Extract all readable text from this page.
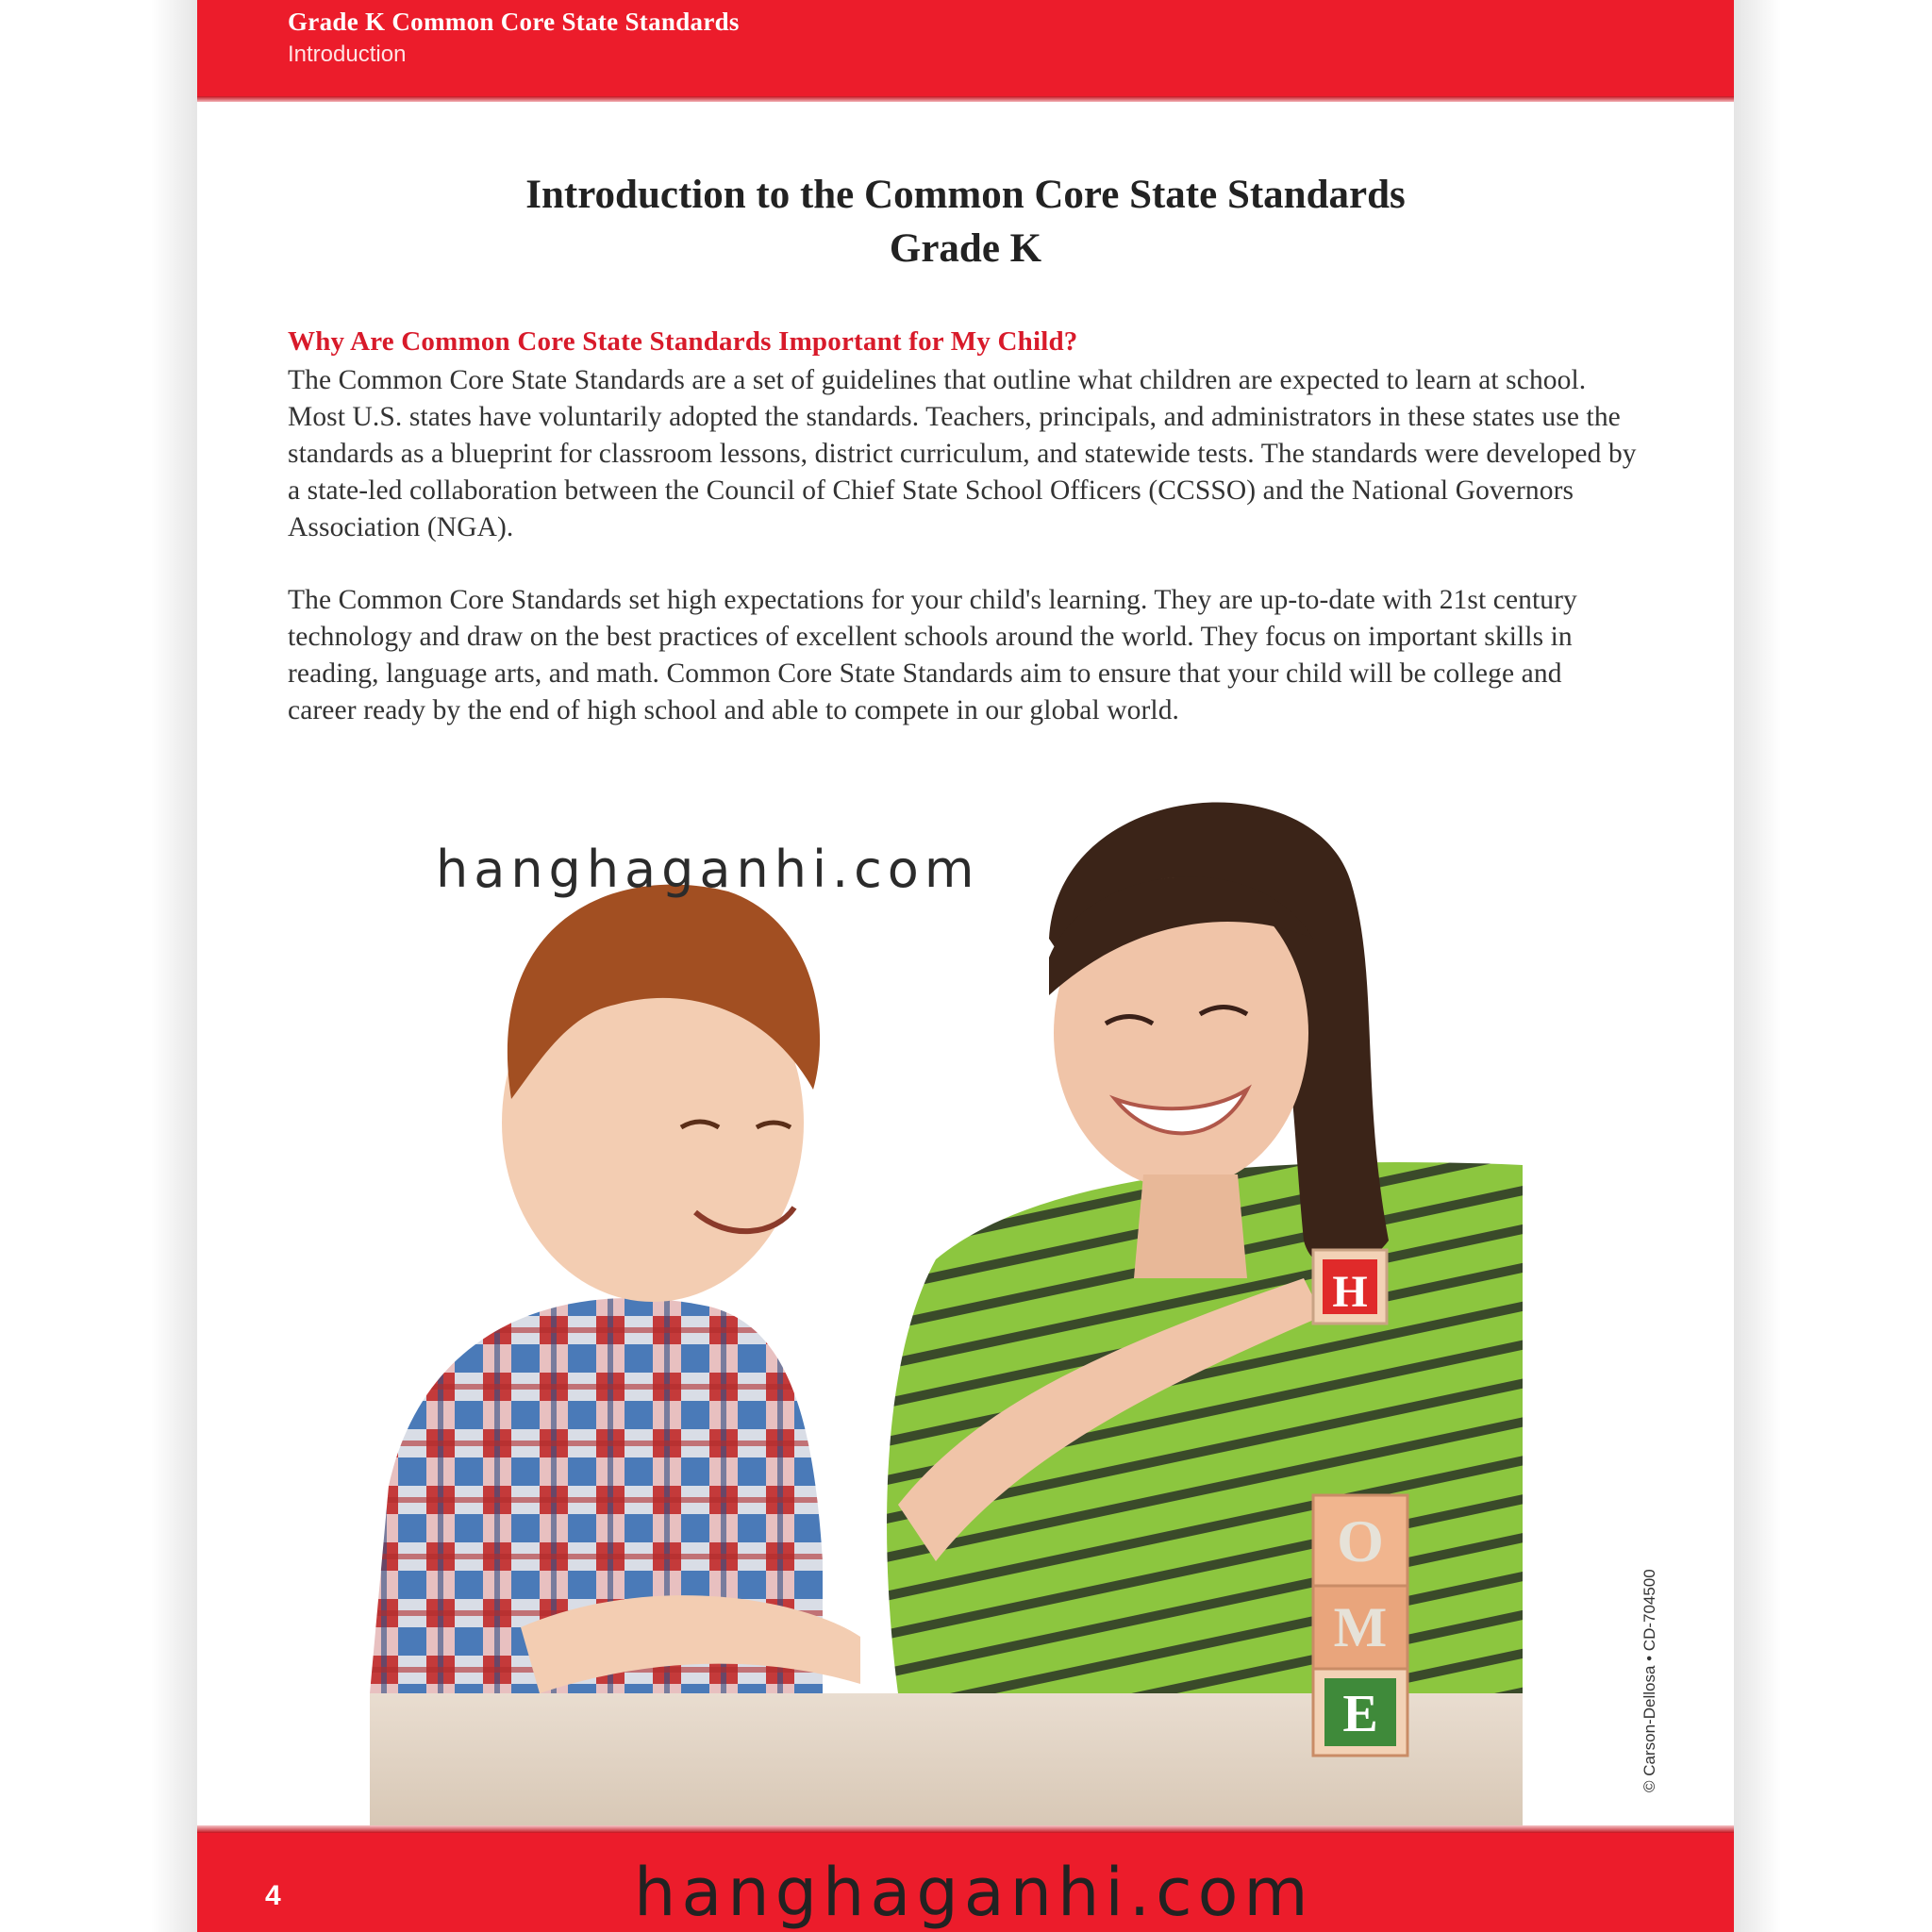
Grade K Common Core State Standards
Introduction
Introduction to the Common Core State Standards
Grade K
Why Are Common Core State Standards Important for My Child?
The Common Core State Standards are a set of guidelines that outline what children are expected to learn at school. Most U.S. states have voluntarily adopted the standards. Teachers, principals, and administrators in these states use the standards as a blueprint for classroom lessons, district curriculum, and statewide tests. The standards were developed by a state-led collaboration between the Council of Chief State School Officers (CCSSO) and the National Governors Association (NGA).
The Common Core Standards set high expectations for your child's learning. They are up-to-date with 21st century technology and draw on the best practices of excellent schools around the world. They focus on important skills in reading, language arts, and math. Common Core State Standards aim to ensure that your child will be college and career ready by the end of high school and able to compete in our global world.
H
O
M
E	© Carson-Dellosa • CD-704500
4
hanghaganhi.com
hanghaganhi.com
